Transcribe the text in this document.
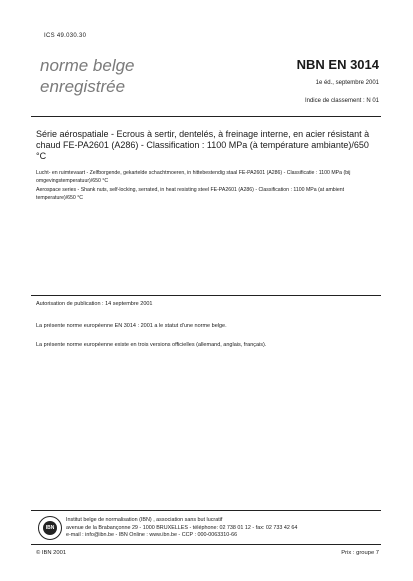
ICS 49.030.30
norme belge
enregistrée
NBN EN 3014
1e éd., septembre 2001
Indice de classement : N 01
Série aérospatiale - Ecrous à sertir, dentelés, à freinage interne, en acier résistant à chaud FE-PA2601 (A286) - Classification : 1100 MPa (à température ambiante)/650 °C
Lucht- en ruimtevaart - Zelfborgende, gekartelde schachtmoeren, in hittebestendig staal FE-PA2601 (A286) - Classificatie : 1100 MPa (bij omgevingstemperatuur)/650 °C
Aerospace series - Shank nuts, self-locking, serrated, in heat resisting steel FE-PA2601 (A286) - Classification : 1100 MPa (at ambient temperature)/650 °C
Autorisation de publication : 14 septembre 2001
La présente norme européenne EN 3014 : 2001 a le statut d'une norme belge.
La présente norme européenne existe en trois versions officielles (allemand, anglais, français).
IBN
Institut belge de normalisation (IBN) , association sans but lucratif
avenue de la Brabançonne 29 - 1000 BRUXELLES - téléphone: 02 738 01 12 - fax: 02 733 42 64
e-mail : info@ibn.be - IBN Online : www.ibn.be - CCP : 000-0063310-66
© IBN 2001	Prix : groupe 7
